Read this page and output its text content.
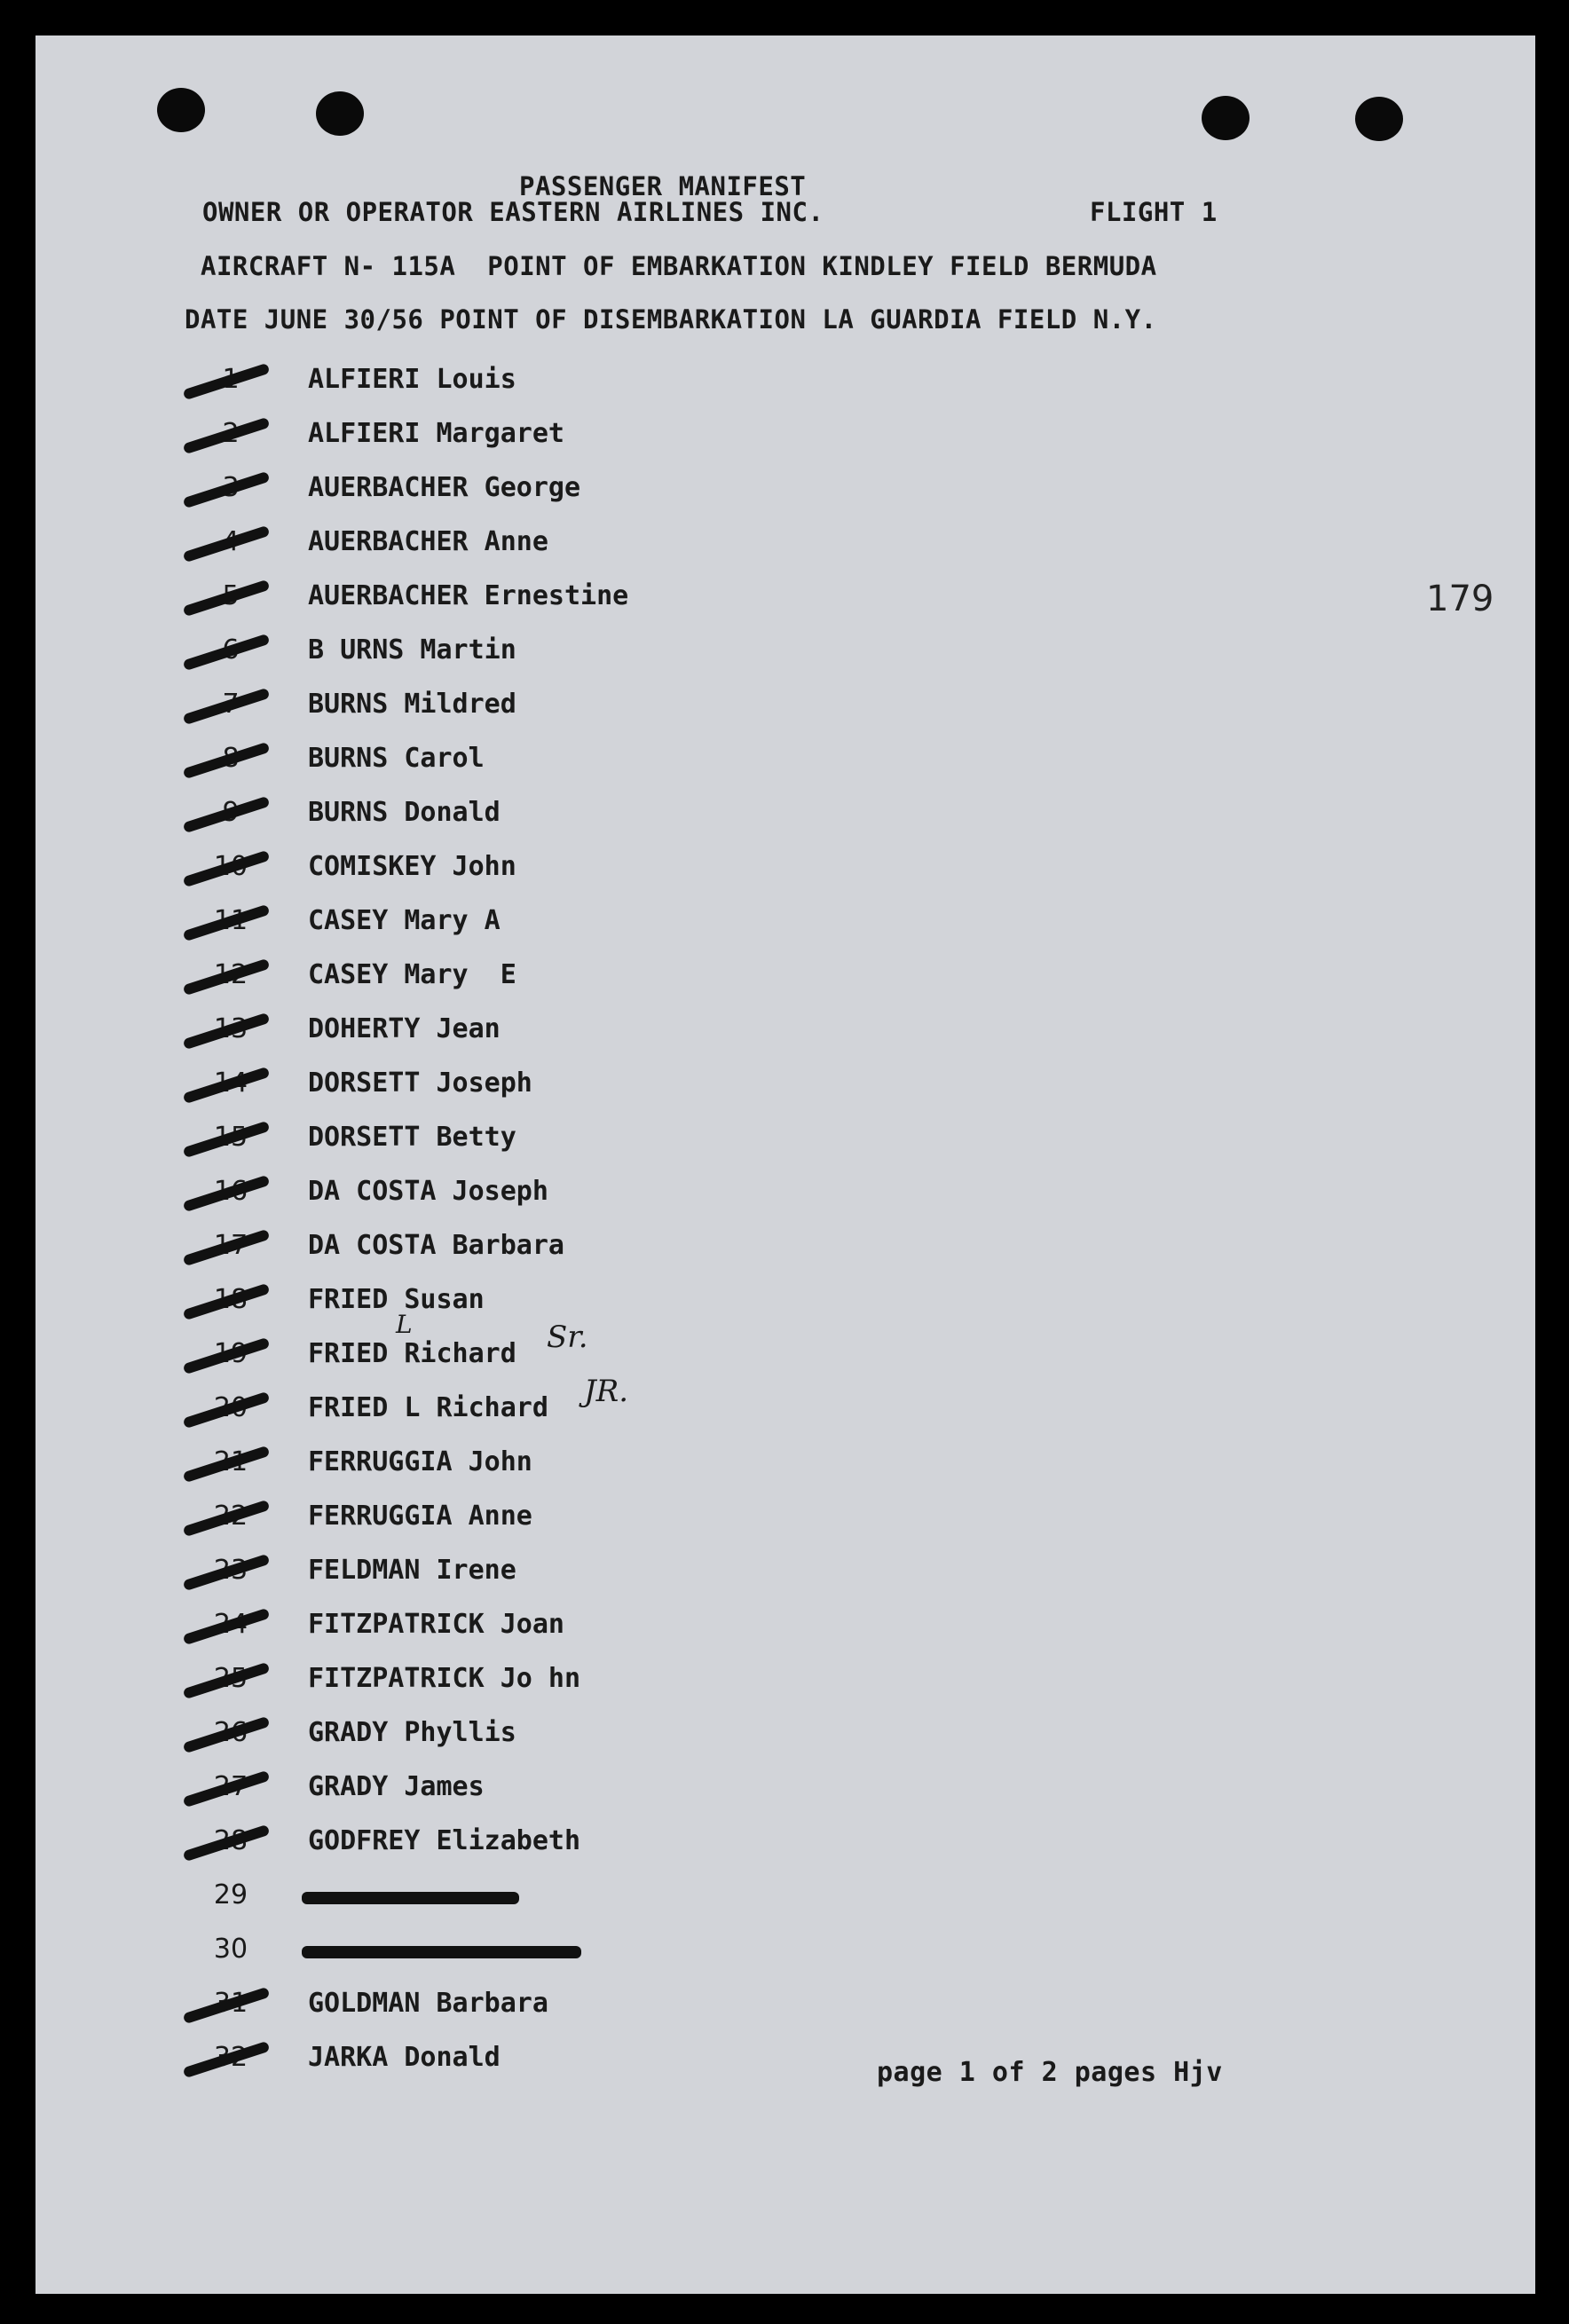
PASSENGER MANIFEST
OWNER OR OPERATOR EASTERN AIRLINES INC.	FLIGHT 1
AIRCRAFT N- 115A  POINT OF EMBARKATION KINDLEY FIELD BERMUDA
DATE JUNE 30/56 POINT OF DISEMBARKATION LA GUARDIA FIELD N.Y.
179
ALFIERI Louis
ALFIERI Margaret
AUERBACHER George
AUERBACHER Anne
AUERBACHER Ernestine
B URNS Martin
BURNS Mildred
BURNS Carol
BURNS Donald
COMISKEY John
CASEY Mary A
CASEY Mary  E
DOHERTY Jean
DORSETT Joseph
DORSETT Betty
DA COSTA Joseph
DA COSTA Barbara
FRIED Susan
FRIED Richard
FRIED L Richard
FERRUGGIA John
FERRUGGIA Anne
FELDMAN Irene
FITZPATRICK Joan
FITZPATRICK Jo hn
GRADY Phyllis
GRADY James
GODFREY Elizabeth
29
30
GOLDMAN Barbara
JARKA Donald
L	Sr.
JR.
page 1 of 2 pages Hjv
